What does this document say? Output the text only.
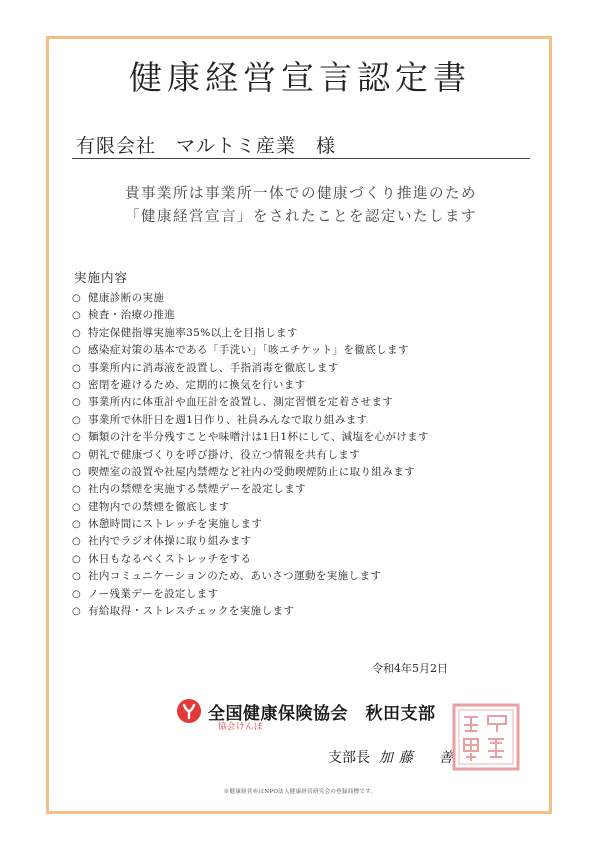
健康経営宣言認定書
有限会社　マルトミ産業　様
貴事業所は事業所一体での健康づくり推進のため
「健康経営宣言」をされたことを認定いたします
実施内容
○ 健康診断の実施
○ 検査・治療の推進
○ 特定保健指導実施率35%以上を目指します
○ 感染症対策の基本である「手洗い」「咳エチケット」を徹底します
○ 事業所内に消毒液を設置し、手指消毒を徹底します
○ 密閉を避けるため、定期的に換気を行います
○ 事業所内に体重計や血圧計を設置し、測定習慣を定着させます
○ 事業所で休肝日を週1日作り、社員みんなで取り組みます
○ 麺類の汁を半分残すことや味噌汁は1日1杯にして、減塩を心がけます
○ 朝礼で健康づくりを呼び掛け、役立つ情報を共有します
○ 喫煙室の設置や社屋内禁煙など社内の受動喫煙防止に取り組みます
○ 社内の禁煙を実施する禁煙デーを設定します
○ 建物内での禁煙を徹底します
○ 休憩時間にストレッチを実施します
○ 社内でラジオ体操に取り組みます
○ 休日もなるべくストレッチをする
○ 社内コミュニケーションのため、あいさつ運動を実施します
○ ノー残業デーを設定します
○ 有給取得・ストレスチェックを実施します
令和4年5月2日
全国健康保険協会　秋田支部
協会けんぽ
支部長 加藤　善
※健康経営®はNPO法人健康経営研究会の登録商標です。
